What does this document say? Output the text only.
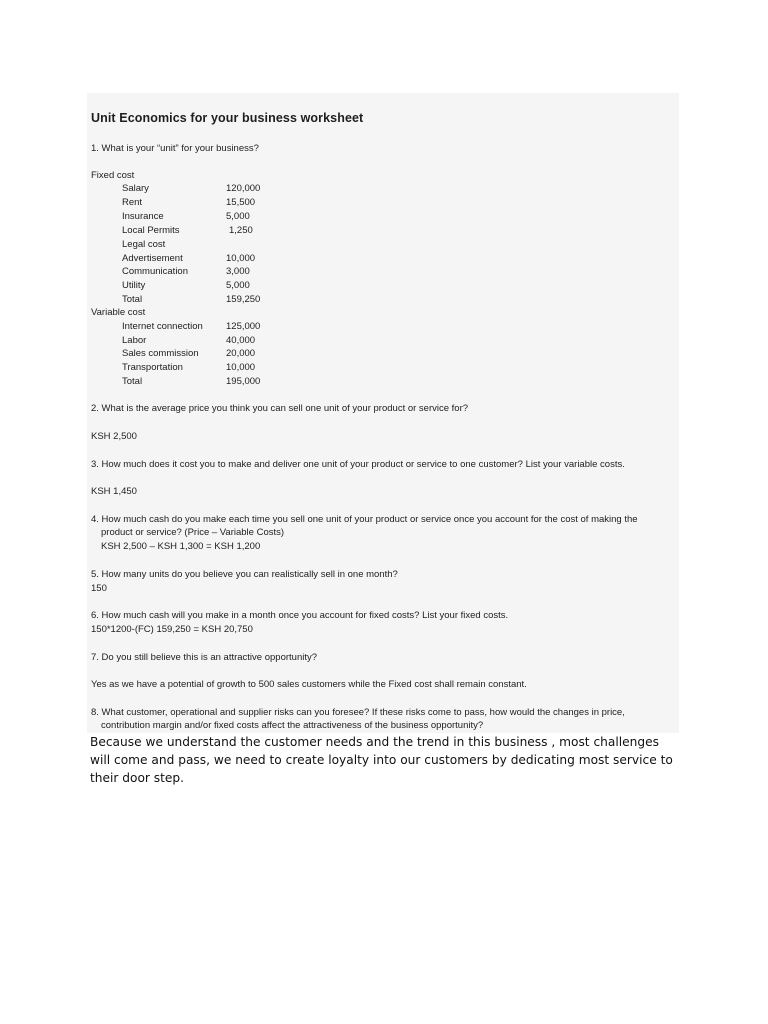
Unit Economics for your business worksheet
1. What is your “unit” for your business?
Fixed cost
Salary	120,000
Rent	15,500
Insurance	5,000
Local Permits	1,250
Legal cost
Advertisement	10,000
Communication	3,000
Utility	5,000
Total	159,250
Variable cost
Internet connection 125,000
Labor	40,000
Sales commission	20,000
Transportation	10,000
Total	195,000
2. What is the average price you think you can sell one unit of your product or service for?
KSH 2,500
3. How much does it cost you to make and deliver one unit of your product or service to one customer? List your variable costs.
KSH 1,450
4. How much cash do you make each time you sell one unit of your product or service once you account for the cost of making the
product or service? (Price – Variable Costs)
KSH 2,500 – KSH 1,300 = KSH 1,200
5. How many units do you believe you can realistically sell in one month?
150
6. How much cash will you make in a month once you account for fixed costs? List your fixed costs.
150*1200-(FC) 159,250 = KSH 20,750
7. Do you still believe this is an attractive opportunity?
Yes as we have a potential of growth to 500 sales customers while the Fixed cost shall remain constant.
8. What customer, operational and supplier risks can you foresee? If these risks come to pass, how would the changes in price,
contribution margin and/or fixed costs affect the attractiveness of the business opportunity?
Because we understand the customer needs and the trend in this business , most challenges will come and pass, we need to create loyalty into our customers by dedicating most service to their door step.
